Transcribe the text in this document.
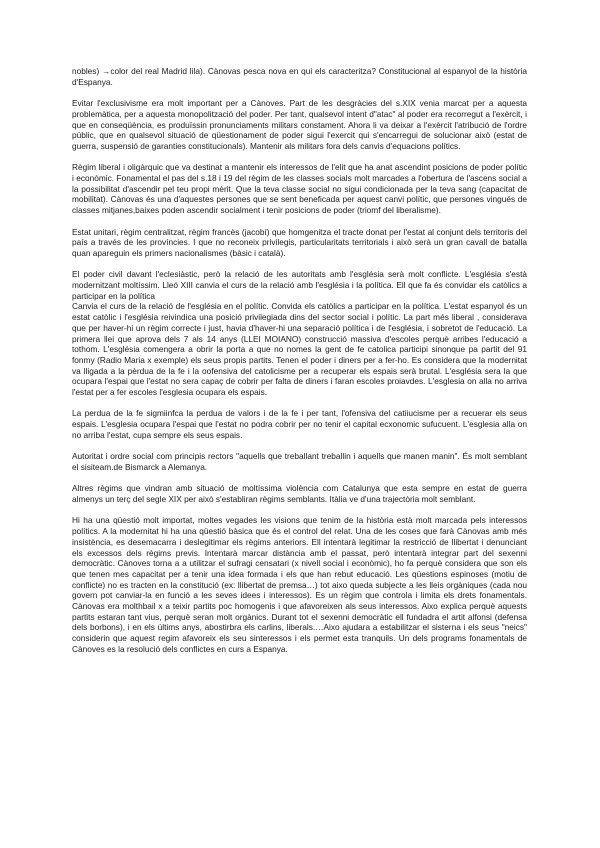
nobles) →color del real Madrid lila). Cànovas pesca nova en qui els caracteritza? Constitucional al espanyol de la història d'Espanya.

Evitar l'exclusivisme era molt important per a Cànoves. Part de les desgràcies del s.XIX venia marcat per a aquesta problemàtica, per a aquesta monopolització del poder. Per tant, qualsevol intent d"atac" al poder era recorregut a l'exèrcit, i que en conseqüència, es produïssin pronunciaments militars constament. Ahora li va deixar a l'exèrcit l'atribució de l'ordre públic, que en qualsevol situació de qüestionament de poder sigui l'exercit qui s'encarregui de solucionar això (estat de guerra, suspensió de garanties constitucionals). Mantenir als militars fora dels canvis d'equacions polítics.

Règim liberal i oligàrquic que va destinat a mantenir els interessos de l'elit que ha anat ascendint posicions de poder polític i econòmic. Fonamental el pas del s.18 i 19 del règim de les classes socials molt marcades a l'obertura de l'ascens social a la possibilitat d'ascendir pel teu propi mèrit. Que la teva classe social no sigui condicionada per la teva sang (capacitat de mobilitat). Cànovas és una d'aquestes persones que se sent beneficada per aquest canvi polític, que persones vingués de classes mitjanes,baixes poden ascendir socialment i tenir posicions de poder (triomf del liberalisme).

Estat unitari, règim centralitzat, règim francès (jacobí) que homgenitza el tracte donat per l'estat al conjunt dels territoris del país a través de les províncies. I que no reconeix privilegis, particularitats territorials i això serà un gran cavall de batalla quan apareguin els primers nacionalismes (bàsic i català).

El poder civil davant l'eclesiàstic, però la relació de les autoritats amb l'església serà molt conflicte. L'església s'està modernitzant moltíssim. Lleó XIII canvia el curs de la relació amb l'església i la política. Ell que fa és convidar els catòlics a participar en la política
Canvia el curs de la relació de l'església en el polític. Convida els catòlics a participar en la política. L'estat espanyol és un estat catòlic i l'església reivindica una posició privilegiada dins del sector social i polític. La part més liberal , considerava que per haver-hi un règim correcte i just, havia d'haver-hi una separació política i de l'església, i sobretot de l'educació. La primera llei que aprova dels 7 als 14 anys (LLEI MOIANO) construcció massiva d'escoles perquè arribes l'educació a tothom. L'església comengera a obrir la porta a que no nomes la gent de fe catolica participi sinonque pa partit del 91 fonmy (Radio Maria x exemple) els seus propis partits. Tenen el poder i diners per a fer-ho. Es considera que la modernitat va lligada a la pèrdua de la fe i la oofensiva del catolicisme per a recuperar els espais serà brutal. L'església sera la que ocupara l'espai que l'estat no sera capaç de cobrir per falta de diners i faran escoles proiavdes. L'esglesia on alla no arriva l'estat per a fer escoles l'esglesia ocupara els espais.

La perdua de la fe sigmiinfca la perdua de valors i de la fe i per tant, l'ofensiva del catiiucisme per a recuerar els seus espais. L'esglesia ocupara l'espai que l'estat no podra cobrir per no tenir el capital ecxonomic sufucuent. L'esglesia alla on no arriba l'estat, cupa sempre els seus espais.

Autoritat i ordre social com principis rectors "aquells que treballant treballin i aquells que manen manin". És molt semblant el sisiteam.de Bismarck a Alemanya.

Altres règims que vindran amb situació de moltíssima violència com Catalunya que esta sempre en estat de guerra almenys un terç del segle XIX per això s'establiran règims semblants. Itàlia ve d'una trajectòria molt semblant.

Hi ha una qüestió molt importat, moltes vegades les visions que tenim de la història està molt marcada pels interessos polítics. A la modernitat hi ha una qüestió bàsica que és el control del relat. Una de les coses que farà Cànovas amb més insistència, es desemacarra i deslegitimar els règims anteriors. Ell intentarà legitimar la restricció de llibertat i denunciant els excessos dels règims previs. Intentarà marcar distància amb el passat, però intentarà integrar part del sexenni democràtic. Cànoves torna a a utilitzar el sufragi censatari (x nivell social i econòmic), ho fa perquè considera que son els que tenen mes capacitat per a tenir una idea formada i els que han rebut educació. Les qüestions espinoses (motiu de conflicte) no es tracten en la constitució (ex: llibertat de premsa…) tot aixo queda subjecte a les lleis orgàniques (cada nou govern pot canviar-la en funció a les seves idees i interessos). Es un règim que controla i limita els drets fonamentals. Cànovas era molthbail x a teixir partits poc homogenis i que afavoreixen als seus interessos. Aixo explica perquè aquests partits estaran tant vius, perquè seran molt orgànics. Durant tot el sexenni democràtic ell fundadra el artit alfonsi (defensa dels borbons), i en els últims anys, abostirbra els carlins, liberals.…Aixo ajudara a estabilitzar el sisterna i els seus "neics" considerin que aquest regim afavoreix els seu sinteressos i els permet esta tranquils. Un dels programs fonamentals de Cànoves es la resolució dels conflictes en curs a Espanya.
